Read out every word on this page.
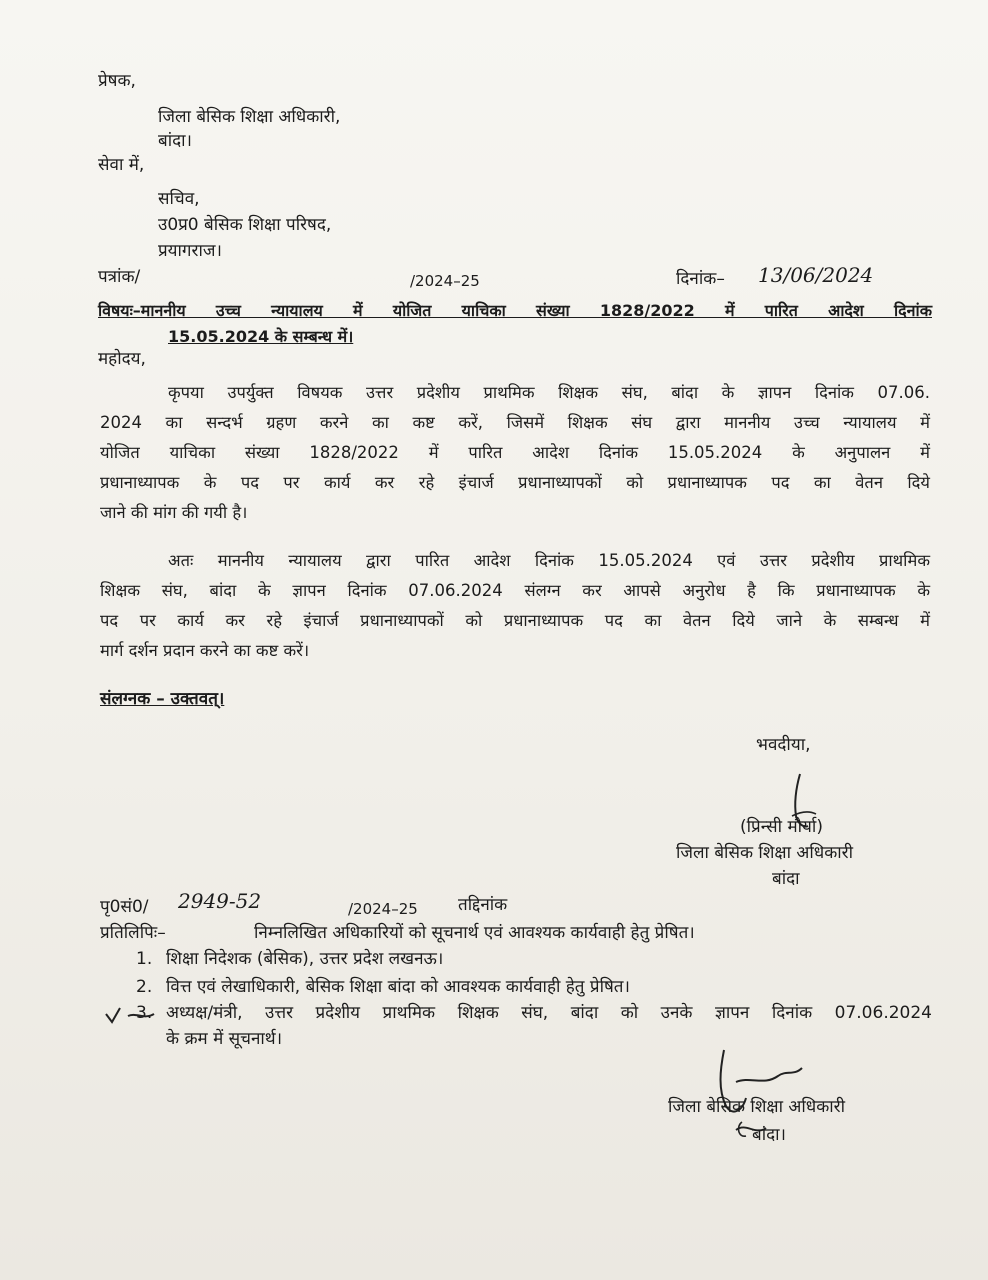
प्रेषक,
जिला बेसिक शिक्षा अधिकारी,
बांदा।
सेवा में,
सचिव,
उ0प्र0 बेसिक शिक्षा परिषद,
प्रयागराज।
पत्रांक/	/2024–25	दिनांक– 13/06/2024
विषयः–माननीय उच्च न्यायालय में योजित याचिका संख्या 1828/2022 में पारित आदेश दिनांक
15.05.2024 के सम्बन्ध में।
महोदय,
कृपया उपर्युक्त विषयक उत्तर प्रदेशीय प्राथमिक शिक्षक संघ, बांदा के ज्ञापन दिनांक 07.06.
2024 का सन्दर्भ ग्रहण करने का कष्ट करें, जिसमें शिक्षक संघ द्वारा माननीय उच्च न्यायालय में
योजित याचिका संख्या 1828/2022 में पारित आदेश दिनांक 15.05.2024 के अनुपालन में
प्रधानाध्यापक के पद पर कार्य कर रहे इंचार्ज प्रधानाध्यापकों को प्रधानाध्यापक पद का वेतन दिये
जाने की मांग की गयी है।
अतः माननीय न्यायालय द्वारा पारित आदेश दिनांक 15.05.2024 एवं उत्तर प्रदेशीय प्राथमिक
शिक्षक संघ, बांदा के ज्ञापन दिनांक 07.06.2024 संलग्न कर आपसे अनुरोध है कि प्रधानाध्यापक के
पद पर कार्य कर रहे इंचार्ज प्रधानाध्यापकों को प्रधानाध्यापक पद का वेतन दिये जाने के सम्बन्ध में
मार्ग दर्शन प्रदान करने का कष्ट करें।
संलग्नक – उक्तवत्।
भवदीया,
(प्रिन्सी मौर्या)
जिला बेसिक शिक्षा अधिकारी
बांदा
पृ0सं0/ 2949-52	/2024–25 तद्दिनांक
प्रतिलिपिः–	निम्नलिखित अधिकारियों को सूचनार्थ एवं आवश्यक कार्यवाही हेतु प्रेषित।
1. शिक्षा निदेशक (बेसिक), उत्तर प्रदेश लखनऊ।
2. वित्त एवं लेखाधिकारी, बेसिक शिक्षा बांदा को आवश्यक कार्यवाही हेतु प्रेषित।
3. अध्यक्ष/मंत्री, उत्तर प्रदेशीय प्राथमिक शिक्षक संघ, बांदा को उनके ज्ञापन दिनांक 07.06.2024
के क्रम में सूचनार्थ।
जिला बेसिक शिक्षा अधिकारी
बांदा।
